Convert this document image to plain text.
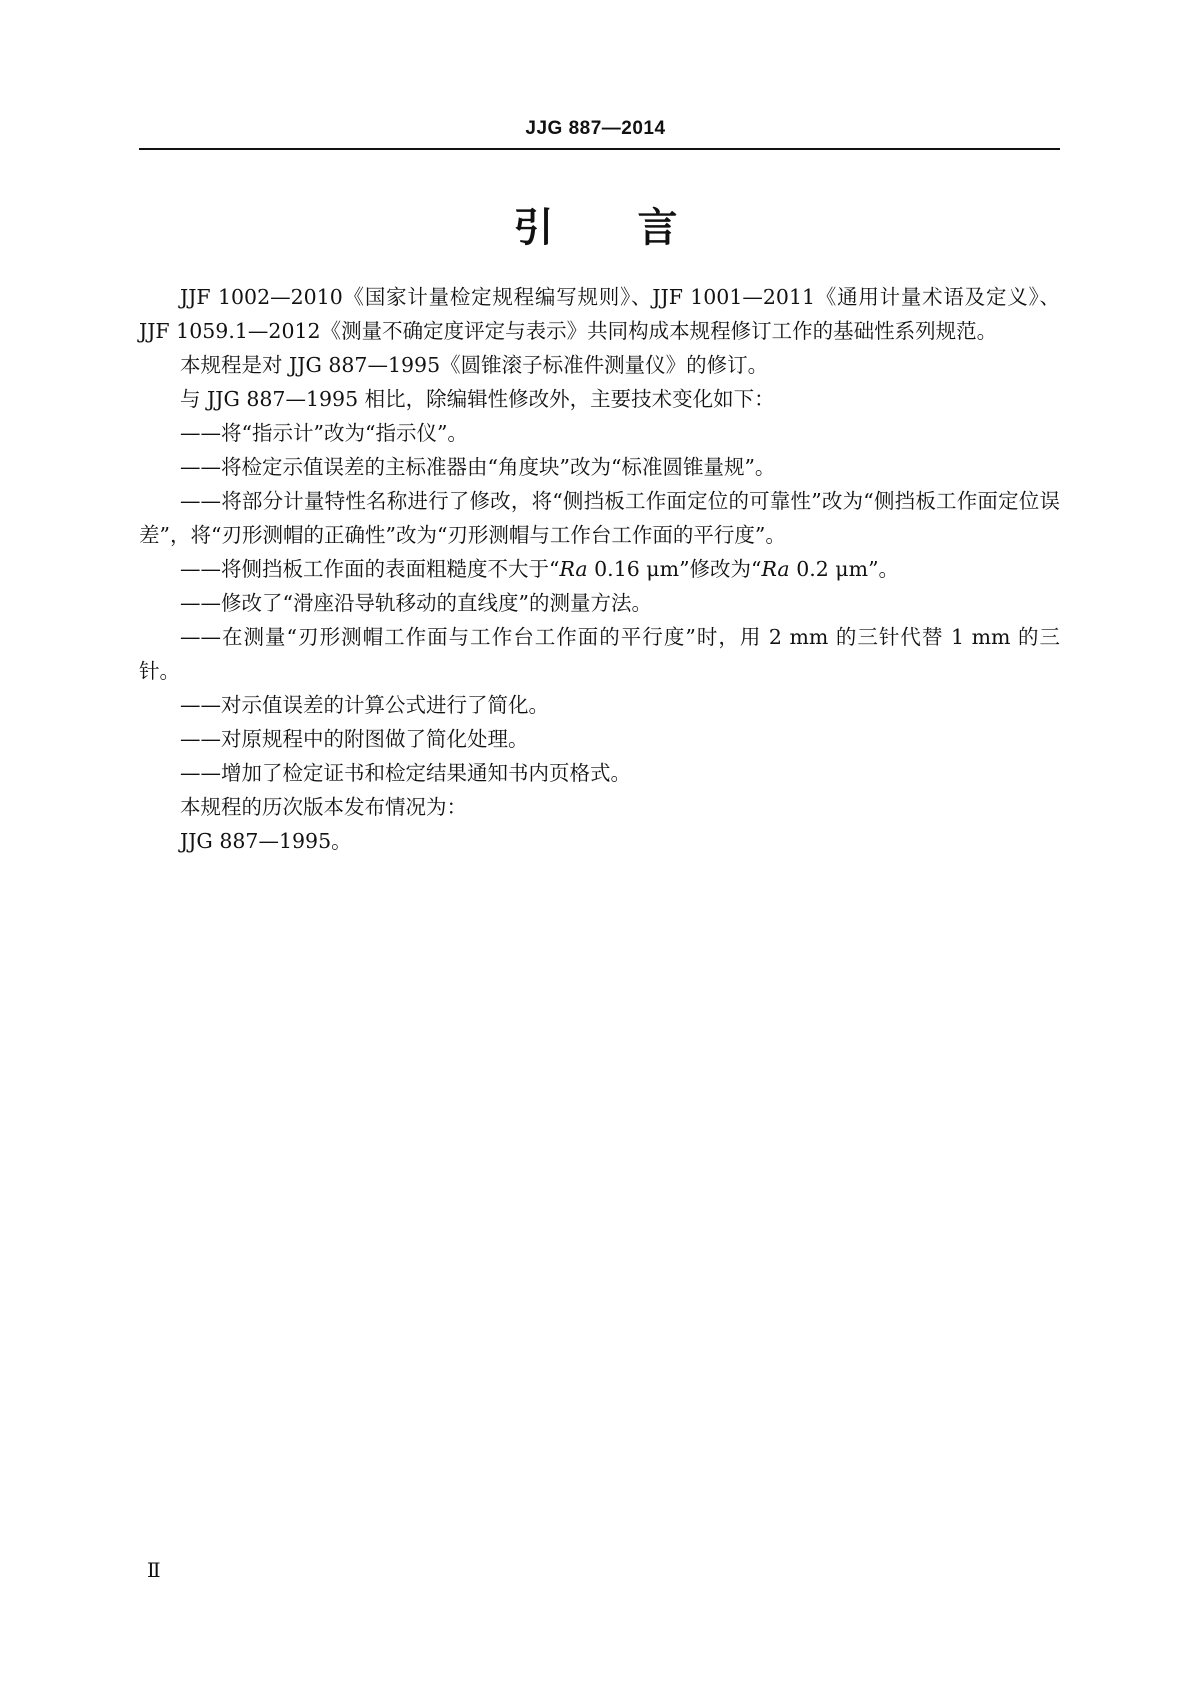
JJG 887—2014
引 言

JJF 1002—2010《国家计量检定规程编写规则》、JJF 1001—2011《通用计量术语及定义》、JJF 1059.1—2012《测量不确定度评定与表示》共同构成本规程修订工作的基础性系列规范。

本规程是对 JJG 887—1995《圆锥滚子标准件测量仪》的修订。

与 JJG 887—1995 相比，除编辑性修改外，主要技术变化如下：

——将“指示计”改为“指示仪”。

——将检定示值误差的主标准器由“角度块”改为“标准圆锥量规”。

——将部分计量特性名称进行了修改，将“侧挡板工作面定位的可靠性”改为“侧挡板工作面定位误差”，将“刃形测帽的正确性”改为“刃形测帽与工作台工作面的平行度”。

——将侧挡板工作面的表面粗糙度不大于“Ra 0.16 μm”修改为“Ra 0.2 μm”。

——修改了“滑座沿导轨移动的直线度”的测量方法。

——在测量“刃形测帽工作面与工作台工作面的平行度”时，用 2 mm 的三针代替 1 mm 的三针。

——对示值误差的计算公式进行了简化。

——对原规程中的附图做了简化处理。

——增加了检定证书和检定结果通知书内页格式。

本规程的历次版本发布情况为：

JJG 887—1995。

Ⅱ
